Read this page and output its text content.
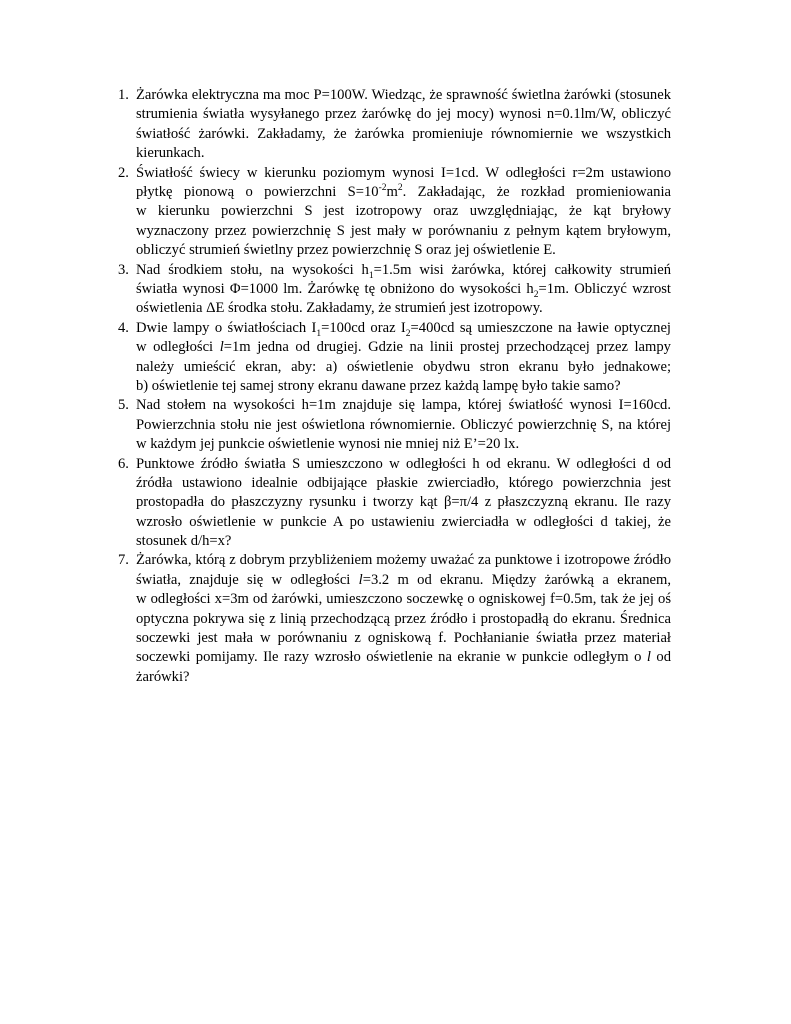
1. Żarówka elektryczna ma moc P=100W. Wiedząc, że sprawność świetlna żarówki (stosunek
strumienia światła wysyłanego przez żarówkę do jej mocy) wynosi n=0.1lm/W, obliczyć
światłość żarówki. Zakładamy, że żarówka promieniuje równomiernie we wszystkich
kierunkach.
2. Światłość świecy w kierunku poziomym wynosi I=1cd. W odległości r=2m ustawiono
płytkę pionową o powierzchni $S=10^{-2}m^2$. Zakładając, że rozkład promieniowania
w kierunku powierzchni S jest izotropowy oraz uwzględniając, że kąt bryłowy
wyznaczony przez powierzchnię S jest mały w porównaniu z pełnym kątem bryłowym,
obliczyć strumień świetlny przez powierzchnię S oraz jej oświetlenie E.
3. Nad środkiem stołu, na wysokości $h_1=1.5m$ wisi żarówka, której całkowity strumień
światła wynosi Φ=1000 lm. Żarówkę tę obniżono do wysokości $h_2=1m$. Obliczyć wzrost
oświetlenia ΔE środka stołu. Zakładamy, że strumień jest izotropowy.
4. Dwie lampy o światłościach $I_1=100cd$ oraz $I_2=400cd$ są umieszczone na ławie optycznej
w odległości l=1m jedna od drugiej. Gdzie na linii prostej przechodzącej przez lampy
należy umieścić ekran, aby: a) oświetlenie obydwu stron ekranu było jednakowe;
b) oświetlenie tej samej strony ekranu dawane przez każdą lampę było takie samo?
5. Nad stołem na wysokości h=1m znajduje się lampa, której światłość wynosi I=160cd.
Powierzchnia stołu nie jest oświetlona równomiernie. Obliczyć powierzchnię S, na której
w każdym jej punkcie oświetlenie wynosi nie mniej niż E’=20 lx.
6. Punktowe źródło światła S umieszczono w odległości h od ekranu. W odległości d od
źródła ustawiono idealnie odbijające płaskie zwierciadło, którego powierzchnia jest
prostopadła do płaszczyzny rysunku i tworzy kąt β=π/4 z płaszczyzną ekranu. Ile razy
wzrosło oświetlenie w punkcie A po ustawieniu zwierciadła w odległości d takiej, że
stosunek d/h=x?
7. Żarówka, którą z dobrym przybliżeniem możemy uważać za punktowe i izotropowe źródło
światła, znajduje się w odległości l=3.2 m od ekranu. Między żarówką a ekranem,
w odległości x=3m od żarówki, umieszczono soczewkę o ogniskowej f=0.5m, tak że jej oś
optyczna pokrywa się z linią przechodzącą przez źródło i prostopadłą do ekranu. Średnica
soczewki jest mała w porównaniu z ogniskową f. Pochłanianie światła przez materiał
soczewki pomijamy. Ile razy wzrosło oświetlenie na ekranie w punkcie odległym o l od
żarówki?
